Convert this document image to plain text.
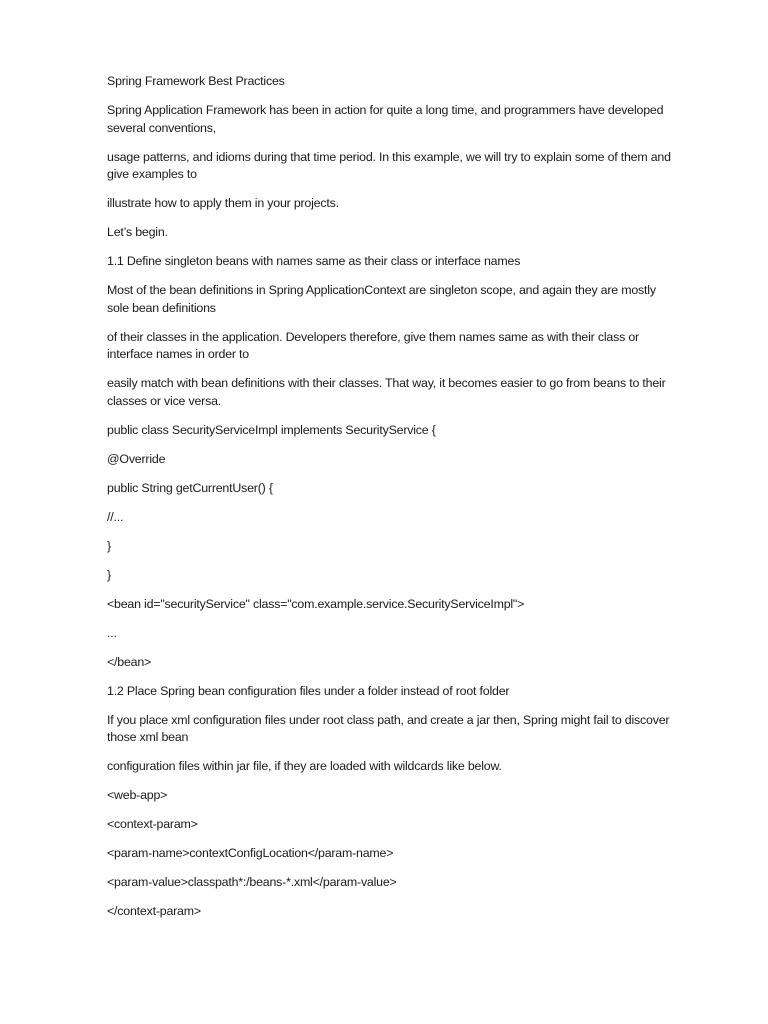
Spring Framework Best Practices

Spring Application Framework has been in action for quite a long time, and programmers have developed
several conventions,

usage patterns, and idioms during that time period. In this example, we will try to explain some of them and
give examples to

illustrate how to apply them in your projects.

Let’s begin.

1.1 Define singleton beans with names same as their class or interface names

Most of the bean definitions in Spring ApplicationContext are singleton scope, and again they are mostly
sole bean definitions

of their classes in the application. Developers therefore, give them names same as with their class or
interface names in order to

easily match with bean definitions with their classes. That way, it becomes easier to go from beans to their
classes or vice versa.

public class SecurityServiceImpl implements SecurityService {

@Override

public String getCurrentUser() {

//...

}

}

<bean id="securityService" class="com.example.service.SecurityServiceImpl">

...

</bean>

1.2 Place Spring bean configuration files under a folder instead of root folder

If you place xml configuration files under root class path, and create a jar then, Spring might fail to discover
those xml bean

configuration files within jar file, if they are loaded with wildcards like below.

<web-app>

<context-param>

<param-name>contextConfigLocation</param-name>

<param-value>classpath*:/beans-*.xml</param-value>

</context-param>
